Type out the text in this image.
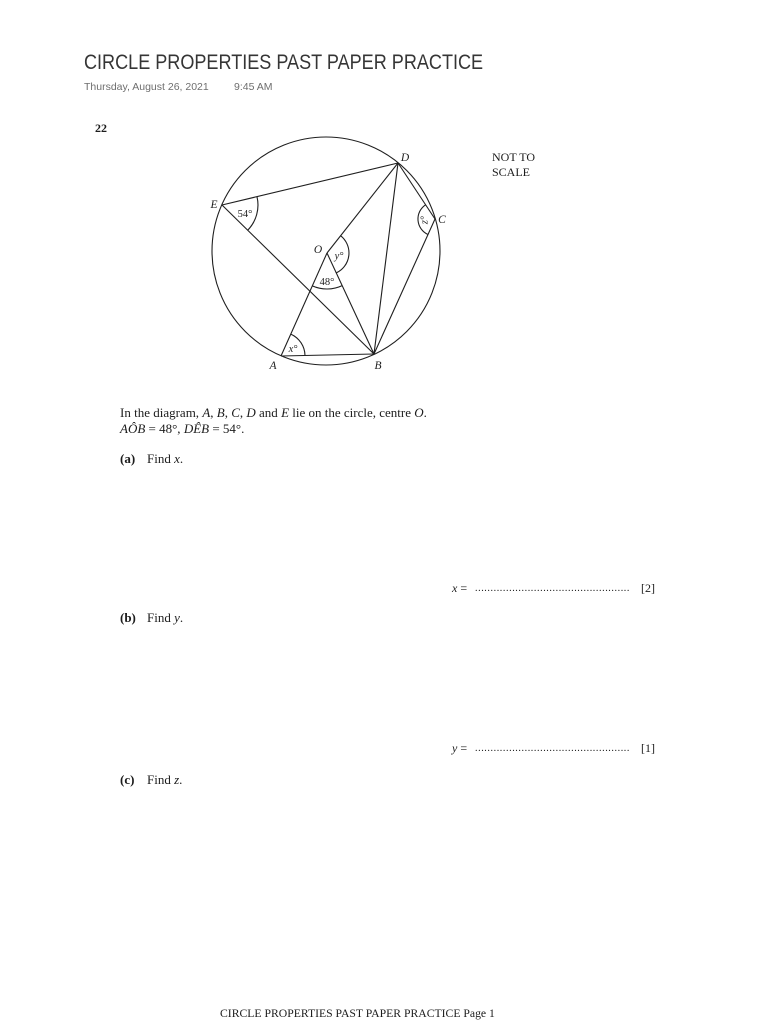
CIRCLE PROPERTIES PAST PAPER PRACTICE
Thursday, August 26, 2021 9:45 AM
22
D
E
C
O
A	B
54°
x°
y°
48°
z°
NOT TO
SCALE
In the diagram, A, B, C, D and E lie on the circle, centre O.
AÔB = 48°, DÊB = 54°.
(a) Find x.
x = .................................................. [2]
(b) Find y.
y = .................................................. [1]
(c) Find z.
CIRCLE PROPERTIES PAST PAPER PRACTICE Page 1
